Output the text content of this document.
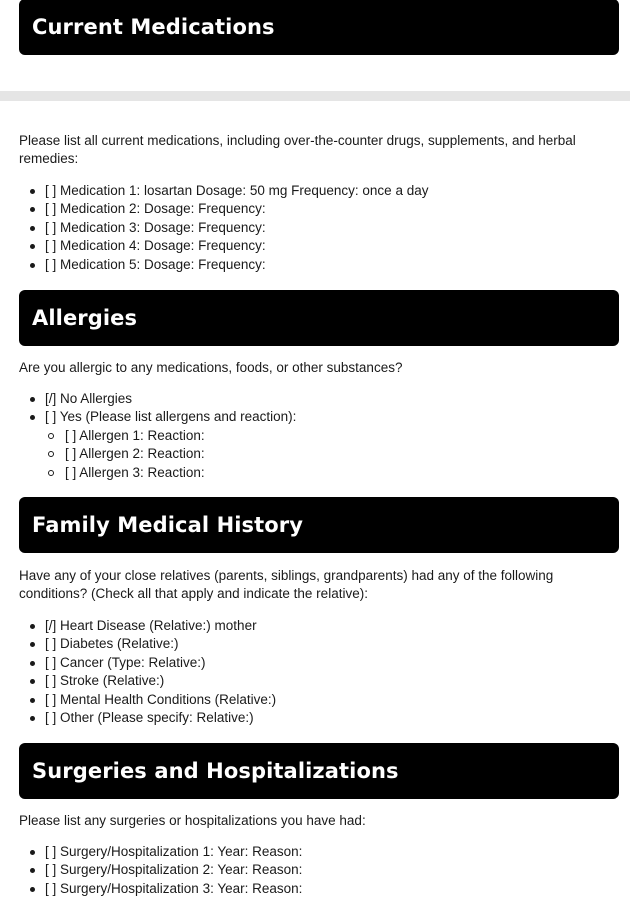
Current Medications

Please list all current medications, including over-the-counter drugs, supplements, and herbal remedies:

[ ] Medication 1: losartan Dosage: 50 mg Frequency: once a day
[ ] Medication 2: Dosage: Frequency:
[ ] Medication 3: Dosage: Frequency:
[ ] Medication 4: Dosage: Frequency:
[ ] Medication 5: Dosage: Frequency:
Allergies

Are you allergic to any medications, foods, or other substances?

[/] No Allergies
[ ] Yes (Please list allergens and reaction):
[ ] Allergen 1: Reaction:
[ ] Allergen 2: Reaction:
[ ] Allergen 3: Reaction:
Family Medical History

Have any of your close relatives (parents, siblings, grandparents) had any of the following conditions? (Check all that apply and indicate the relative):

[/] Heart Disease (Relative:) mother
[ ] Diabetes (Relative:)
[ ] Cancer (Type: Relative:)
[ ] Stroke (Relative:)
[ ] Mental Health Conditions (Relative:)
[ ] Other (Please specify: Relative:)
Surgeries and Hospitalizations

Please list any surgeries or hospitalizations you have had:

[ ] Surgery/Hospitalization 1: Year: Reason:
[ ] Surgery/Hospitalization 2: Year: Reason:
[ ] Surgery/Hospitalization 3: Year: Reason:
